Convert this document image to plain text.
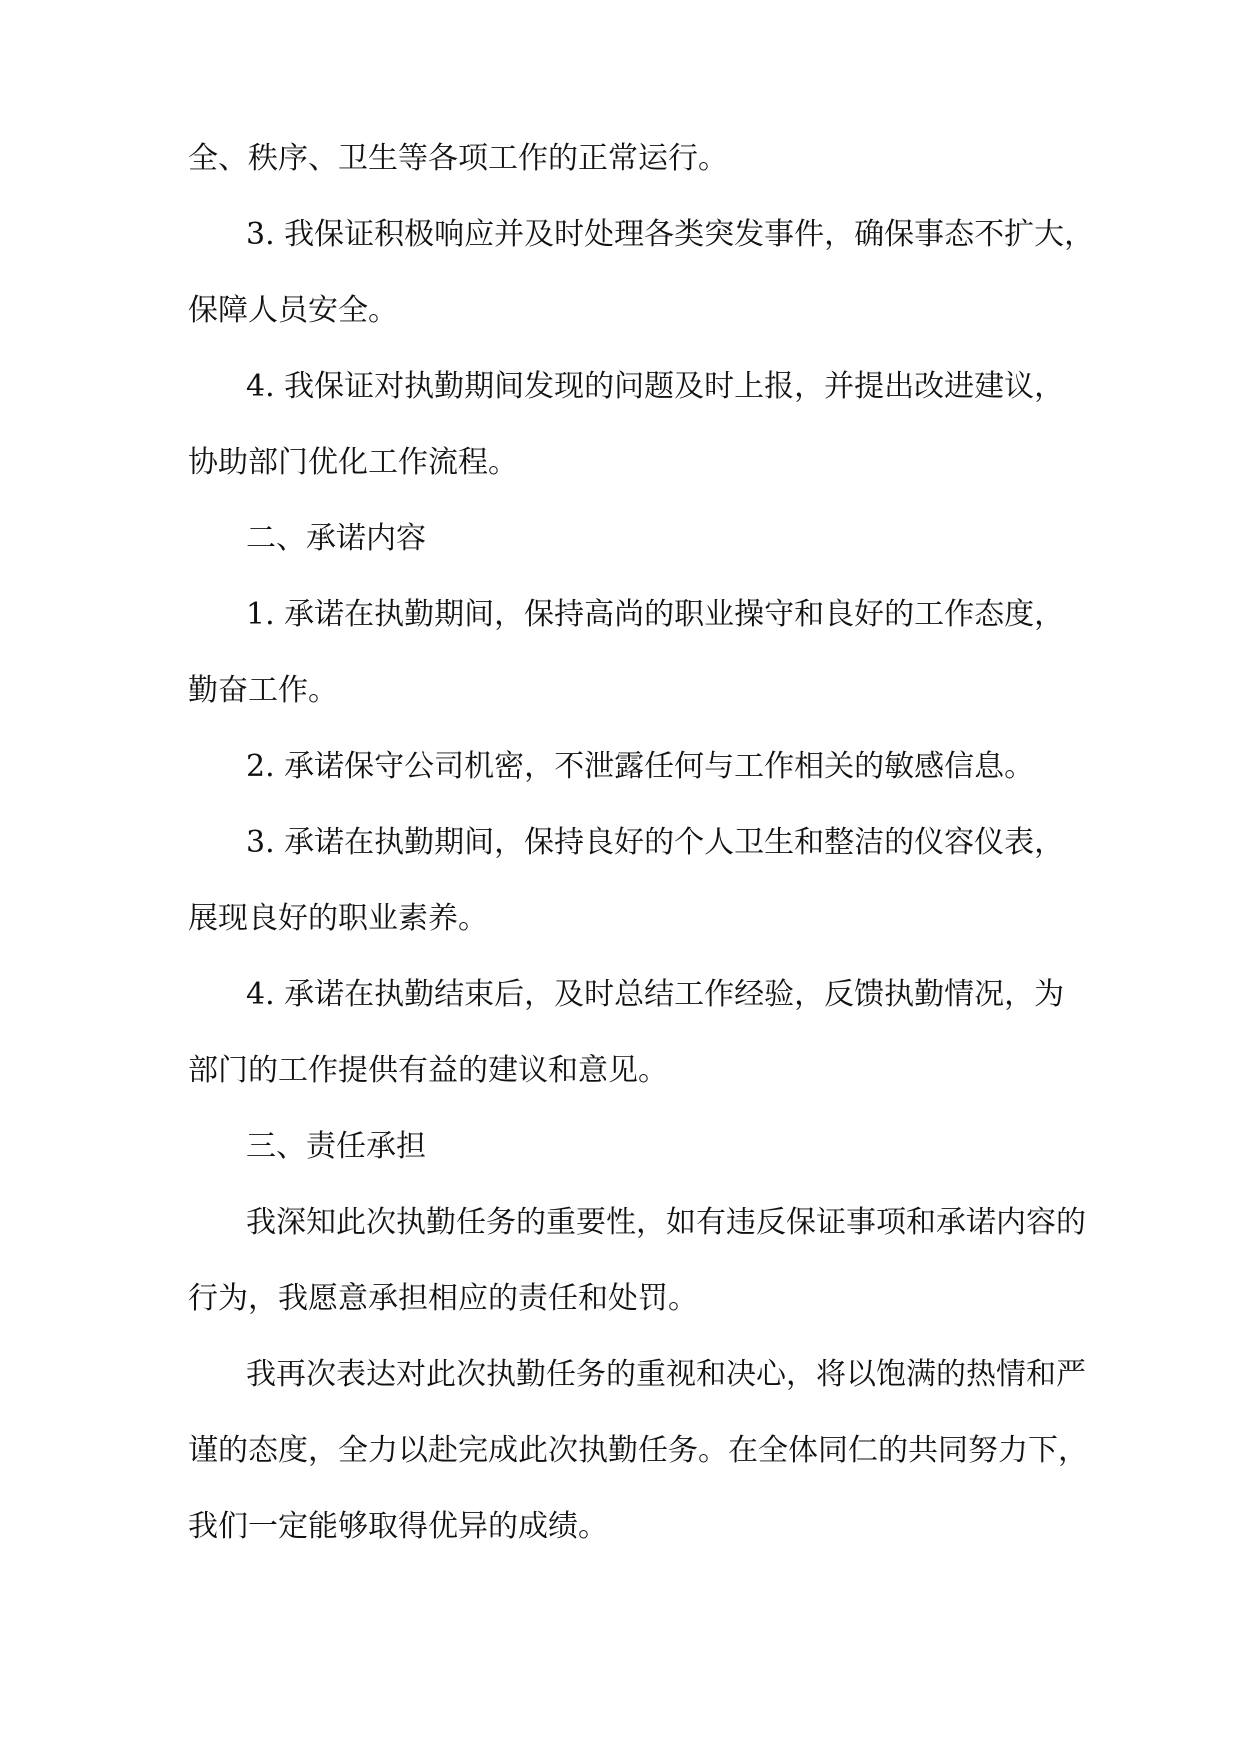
全、秩序、卫生等各项工作的正常运行。
3. 我保证积极响应并及时处理各类突发事件，确保事态不扩大，
保障人员安全。
4. 我保证对执勤期间发现的问题及时上报，并提出改进建议，
协助部门优化工作流程。
二、承诺内容
1. 承诺在执勤期间，保持高尚的职业操守和良好的工作态度，
勤奋工作。
2. 承诺保守公司机密，不泄露任何与工作相关的敏感信息。
3. 承诺在执勤期间，保持良好的个人卫生和整洁的仪容仪表，
展现良好的职业素养。
4. 承诺在执勤结束后，及时总结工作经验，反馈执勤情况，为
部门的工作提供有益的建议和意见。
三、责任承担
我深知此次执勤任务的重要性，如有违反保证事项和承诺内容的
行为，我愿意承担相应的责任和处罚。
我再次表达对此次执勤任务的重视和决心，将以饱满的热情和严
谨的态度，全力以赴完成此次执勤任务。在全体同仁的共同努力下，
我们一定能够取得优异的成绩。
